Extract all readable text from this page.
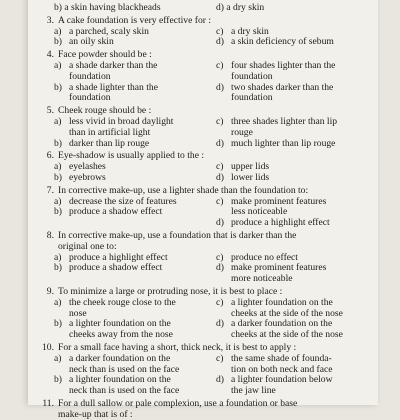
b) a skin having blackheads	d) a dry skin
3. A cake foundation is very effective for :
a) a parched, scaly skin	c) a dry skin
b) an oily skin	d) a skin deficiency of sebum
4. Face powder should be :
a) a shade darker than the	c) four shades lighter than the
foundation	foundation
b) a shade lighter than the	d) two shades darker than the
foundation	foundation
5. Cheek rouge should be :
a) less vivid in broad daylight	c) three shades lighter than lip
than in artificial light	rouge
b) darker than lip rouge	d) much lighter than lip rouge
6. Eye-shadow is usually applied to the :
a) eyelashes	c) upper lids
b) eyebrows	d) lower lids
7. In corrective make-up, use a lighter shade than the foundation to:
a) decrease the size of features	c) make prominent features
b) produce a shadow effect	less noticeable
d) produce a highlight effect
8. In corrective make-up, use a foundation that is darker than the
original one to:
a) produce a highlight effect	c) produce no effect
b) produce a shadow effect	d) make prominent features
more noticeable
9. To minimize a large or protruding nose, it is best to place :
a) the cheek rouge close to the	c) a lighter foundation on the
nose	cheeks at the side of the nose
b) a lighter foundation on the	d) a darker foundation on the
cheeks away from the nose	cheeks at the side of the nose
10. For a small face having a short, thick neck, it is best to apply :
a) a darker foundation on the	c) the same shade of founda-
neck than is used on the face	tion on both neck and face
b) a lighter foundation on the	d) a lighter foundation below
neck than is used on the face	the jaw line
11. For a dull sallow or pale complexion, use a foundation or base
make-up that is of :
